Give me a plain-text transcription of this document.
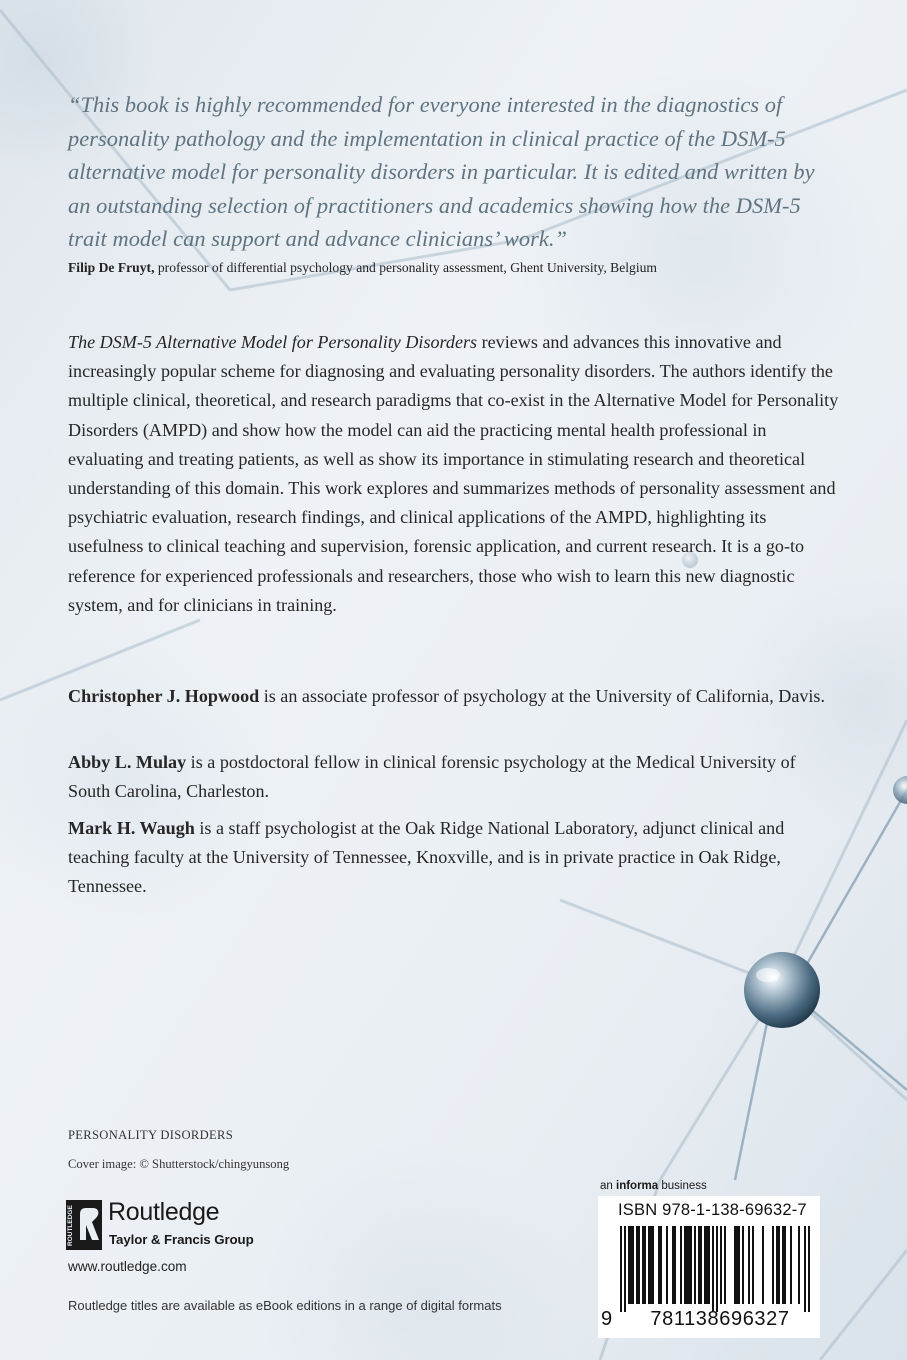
“This book is highly recommended for everyone interested in the diagnostics of personality pathology and the implementation in clinical practice of the DSM-5 alternative model for personality disorders in particular. It is edited and written by an outstanding selection of practitioners and academics showing how the DSM-5 trait model can support and advance clinicians’ work.”
Filip De Fruyt, professor of differential psychology and personality assessment, Ghent University, Belgium
The DSM-5 Alternative Model for Personality Disorders reviews and advances this innovative and increasingly popular scheme for diagnosing and evaluating personality disorders. The authors identify the multiple clinical, theoretical, and research paradigms that co-exist in the Alternative Model for Personality Disorders (AMPD) and show how the model can aid the practicing mental health professional in evaluating and treating patients, as well as show its importance in stimulating research and theoretical understanding of this domain. This work explores and summarizes methods of personality assessment and psychiatric evaluation, research findings, and clinical applications of the AMPD, highlighting its usefulness to clinical teaching and supervision, forensic application, and current research. It is a go-to reference for experienced professionals and researchers, those who wish to learn this new diagnostic system, and for clinicians in training.
Christopher J. Hopwood is an associate professor of psychology at the University of California, Davis.
Abby L. Mulay is a postdoctoral fellow in clinical forensic psychology at the Medical University of South Carolina, Charleston.
Mark H. Waugh is a staff psychologist at the Oak Ridge National Laboratory, adjunct clinical and teaching faculty at the University of Tennessee, Knoxville, and is in private practice in Oak Ridge, Tennessee.
PERSONALITY DISORDERS
Cover image: © Shutterstock/chingyunsong
ROUTLEDGE Routledge
Taylor & Francis Group
www.routledge.com
Routledge titles are available as eBook editions in a range of digital formats
an informa business
ISBN 978-1-138-69632-7
9	781138696327
